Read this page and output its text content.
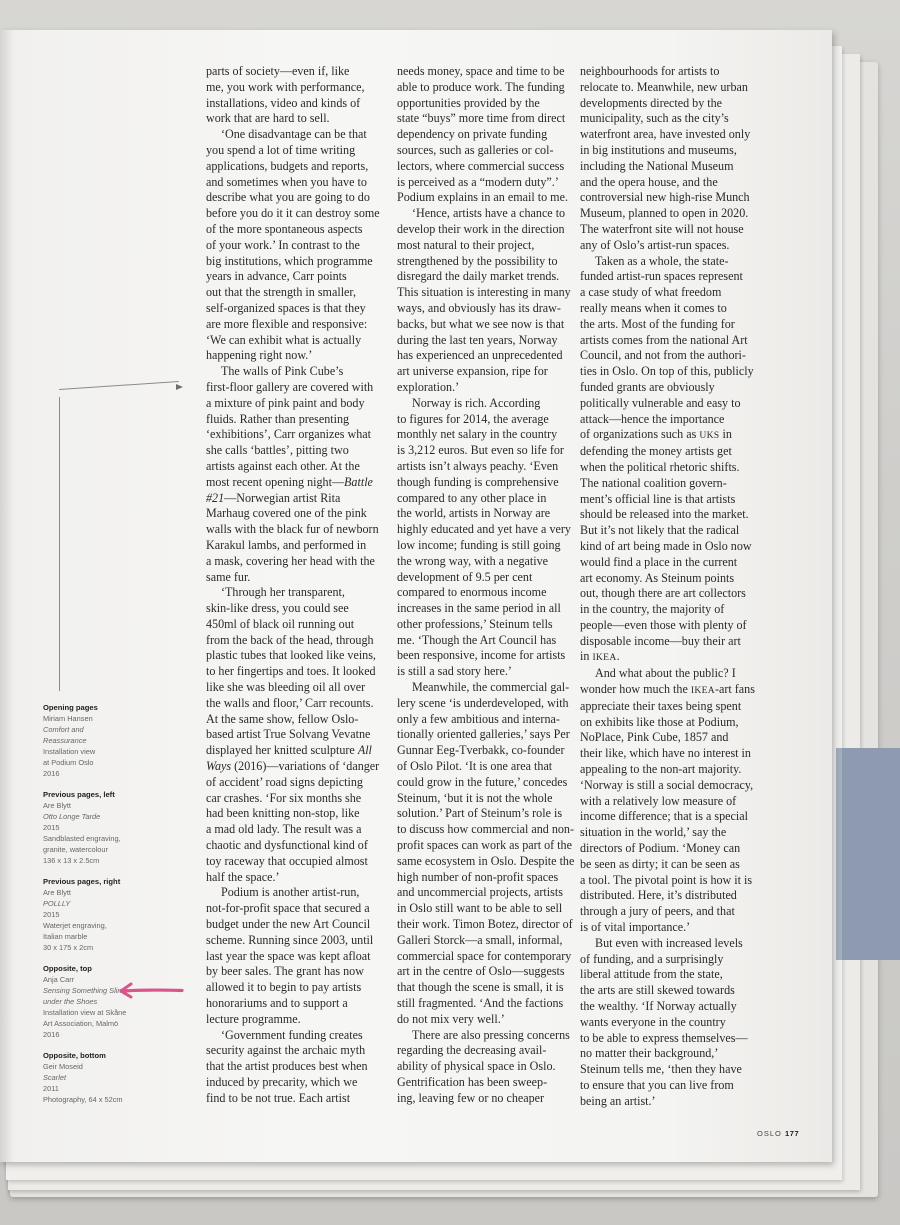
parts of society—even if, like
me, you work with performance,
installations, video and kinds of
work that are hard to sell.

‘One disadvantage can be that
you spend a lot of time writing
applications, budgets and reports,
and sometimes when you have to
describe what you are going to do
before you do it it can destroy some
of the more spontaneous aspects
of your work.’ In contrast to the
big institutions, which programme
years in advance, Carr points
out that the strength in smaller,
self-organized spaces is that they
are more flexible and responsive:
‘We can exhibit what is actually
happening right now.’

The walls of Pink Cube’s
first-floor gallery are covered with
a mixture of pink paint and body
fluids. Rather than presenting
‘exhibitions’, Carr organizes what
she calls ‘battles’, pitting two
artists against each other. At the
most recent opening night—Battle
#21—Norwegian artist Rita
Marhaug covered one of the pink
walls with the black fur of newborn
Karakul lambs, and performed in
a mask, covering her head with the
same fur.

‘Through her transparent,
skin-like dress, you could see
450ml of black oil running out
from the back of the head, through
plastic tubes that looked like veins,
to her fingertips and toes. It looked
like she was bleeding oil all over
the walls and floor,’ Carr recounts.
At the same show, fellow Oslo-
based artist True Solvang Vevatne
displayed her knitted sculpture All
Ways (2016)—variations of ‘danger
of accident’ road signs depicting
car crashes. ‘For six months she
had been knitting non-stop, like
a mad old lady. The result was a
chaotic and dysfunctional kind of
toy raceway that occupied almost
half the space.’

Podium is another artist-run,
not-for-profit space that secured a
budget under the new Art Council
scheme. Running since 2003, until
last year the space was kept afloat
by beer sales. The grant has now
allowed it to begin to pay artists
honorariums and to support a
lecture programme.

‘Government funding creates
security against the archaic myth
that the artist produces best when
induced by precarity, which we
find to be not true. Each artist

needs money, space and time to be
able to produce work. The funding
opportunities provided by the
state “buys” more time from direct
dependency on private funding
sources, such as galleries or col-
lectors, where commercial success
is perceived as a “modern duty”.’
Podium explains in an email to me.

‘Hence, artists have a chance to
develop their work in the direction
most natural to their project,
strengthened by the possibility to
disregard the daily market trends.
This situation is interesting in many
ways, and obviously has its draw-
backs, but what we see now is that
during the last ten years, Norway
has experienced an unprecedented
art universe expansion, ripe for
exploration.’

Norway is rich. According
to figures for 2014, the average
monthly net salary in the country
is 3,212 euros. But even so life for
artists isn’t always peachy. ‘Even
though funding is comprehensive
compared to any other place in
the world, artists in Norway are
highly educated and yet have a very
low income; funding is still going
the wrong way, with a negative
development of 9.5 per cent
compared to enormous income
increases in the same period in all
other professions,’ Steinum tells
me. ‘Though the Art Council has
been responsive, income for artists
is still a sad story here.’

Meanwhile, the commercial gal-
lery scene ‘is underdeveloped, with
only a few ambitious and interna-
tionally oriented galleries,’ says Per
Gunnar Eeg-Tverbakk, co-founder
of Oslo Pilot. ‘It is one area that
could grow in the future,’ concedes
Steinum, ‘but it is not the whole
solution.’ Part of Steinum’s role is
to discuss how commercial and non-
profit spaces can work as part of the
same ecosystem in Oslo. Despite the
high number of non-profit spaces
and uncommercial projects, artists
in Oslo still want to be able to sell
their work. Timon Botez, director of
Galleri Storck—a small, informal,
commercial space for contemporary
art in the centre of Oslo—suggests
that though the scene is small, it is
still fragmented. ‘And the factions
do not mix very well.’

There are also pressing concerns
regarding the decreasing avail-
ability of physical space in Oslo.
Gentrification has been sweep-
ing, leaving few or no cheaper

neighbourhoods for artists to
relocate to. Meanwhile, new urban
developments directed by the
municipality, such as the city’s
waterfront area, have invested only
in big institutions and museums,
including the National Museum
and the opera house, and the
controversial new high-rise Munch
Museum, planned to open in 2020.
The waterfront site will not house
any of Oslo’s artist-run spaces.

Taken as a whole, the state-
funded artist-run spaces represent
a case study of what freedom
really means when it comes to
the arts. Most of the funding for
artists comes from the national Art
Council, and not from the authori-
ties in Oslo. On top of this, publicly
funded grants are obviously
politically vulnerable and easy to
attack—hence the importance
of organizations such as UKS in
defending the money artists get
when the political rhetoric shifts.
The national coalition govern-
ment’s official line is that artists
should be released into the market.
But it’s not likely that the radical
kind of art being made in Oslo now
would find a place in the current
art economy. As Steinum points
out, though there are art collectors
in the country, the majority of
people—even those with plenty of
disposable income—buy their art
in IKEA.

And what about the public? I
wonder how much the IKEA-art fans
appreciate their taxes being spent
on exhibits like those at Podium,
NoPlace, Pink Cube, 1857 and
their like, which have no interest in
appealing to the non-art majority.
‘Norway is still a social democracy,
with a relatively low measure of
income difference; that is a special
situation in the world,’ say the
directors of Podium. ‘Money can
be seen as dirty; it can be seen as
a tool. The pivotal point is how it is
distributed. Here, it’s distributed
through a jury of peers, and that
is of vital importance.’

But even with increased levels
of funding, and a surprisingly
liberal attitude from the state,
the arts are still skewed towards
the wealthy. ‘If Norway actually
wants everyone in the country
to be able to express themselves—
no matter their background,’
Steinum tells me, ‘then they have
to ensure that you can live from
being an artist.’

Opening pages
Miriam Hansen
Comfort and
Reassurance
Installation view
at Podium Oslo
2016
Previous pages, left
Are Blytt
Otto Longe Tarde
2015
Sandblasted engraving,
granite, watercolour
136 x 13 x 2.5cm
Previous pages, right
Are Blytt
POLLLY
2015
Waterjet engraving,
Italian marble
30 x 175 x 2cm
Opposite, top
Anja Carr
Sensing Something Slimy
under the Shoes
Installation view at Skåne
Art Association, Malmö
2016
Opposite, bottom
Geir Moseid
Scarlet
2011
Photography, 64 x 52cm
OSLO 177
